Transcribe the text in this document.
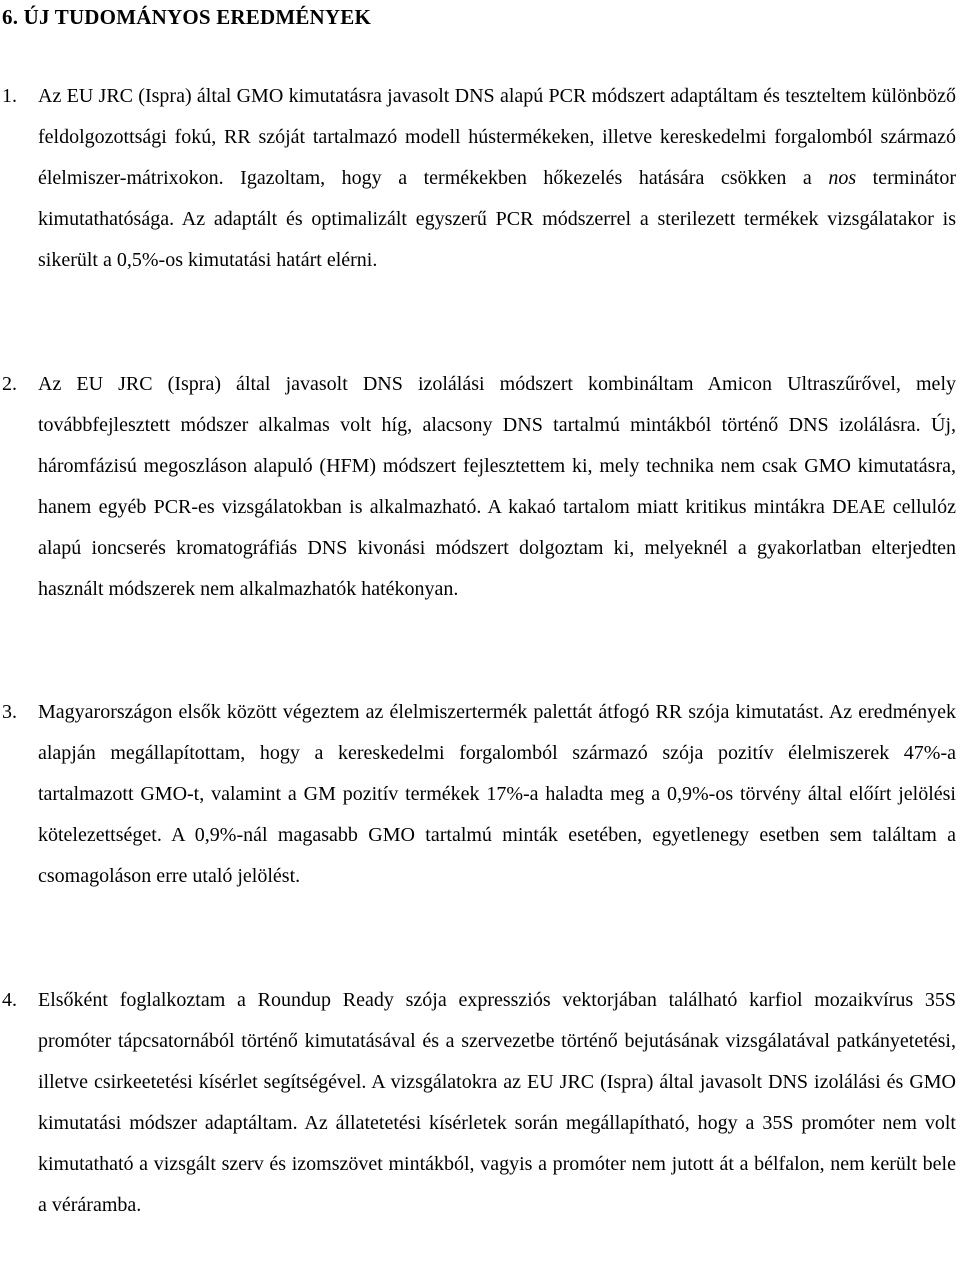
6. ÚJ TUDOMÁNYOS EREDMÉNYEK
1. Az EU JRC (Ispra) által GMO kimutatásra javasolt DNS alapú PCR módszert adaptáltam és teszteltem különböző feldolgozottsági fokú, RR szóját tartalmazó modell hústermékeken, illetve kereskedelmi forgalomból származó élelmiszer-mátrixokon. Igazoltam, hogy a termékekben hőkezelés hatására csökken a nos terminátor kimutathatósága. Az adaptált és optimalizált egyszerű PCR módszerrel a sterilezett termékek vizsgálatakor is sikerült a 0,5%-os kimutatási határt elérni.

2. Az EU JRC (Ispra) által javasolt DNS izolálási módszert kombináltam Amicon Ultraszűrővel, mely továbbfejlesztett módszer alkalmas volt híg, alacsony DNS tartalmú mintákból történő DNS izolálásra. Új, háromfázisú megoszláson alapuló (HFM) módszert fejlesztettem ki, mely technika nem csak GMO kimutatásra, hanem egyéb PCR-es vizsgálatokban is alkalmazható. A kakaó tartalom miatt kritikus mintákra DEAE cellulóz alapú ioncserés kromatográfiás DNS kivonási módszert dolgoztam ki, melyeknél a gyakorlatban elterjedten használt módszerek nem alkalmazhatók hatékonyan.

3. Magyarországon elsők között végeztem az élelmiszertermék palettát átfogó RR szója kimutatást. Az eredmények alapján megállapítottam, hogy a kereskedelmi forgalomból származó szója pozitív élelmiszerek 47%-a tartalmazott GMO-t, valamint a GM pozitív termékek 17%-a haladta meg a 0,9%-os törvény által előírt jelölési kötelezettséget. A 0,9%-nál magasabb GMO tartalmú minták esetében, egyetlenegy esetben sem találtam a csomagoláson erre utaló jelölést.

4. Elsőként foglalkoztam a Roundup Ready szója expressziós vektorjában található karfiol mozaikvírus 35S promóter tápcsatornából történő kimutatásával és a szervezetbe történő bejutásának vizsgálatával patkányetetési, illetve csirkeetetési kísérlet segítségével. A vizsgálatokra az EU JRC (Ispra) által javasolt DNS izolálási és GMO kimutatási módszer adaptáltam. Az állatetetési kísérletek során megállapítható, hogy a 35S promóter nem volt kimutatható a vizsgált szerv és izomszövet mintákból, vagyis a promóter nem jutott át a bélfalon, nem került bele a véráramba.
